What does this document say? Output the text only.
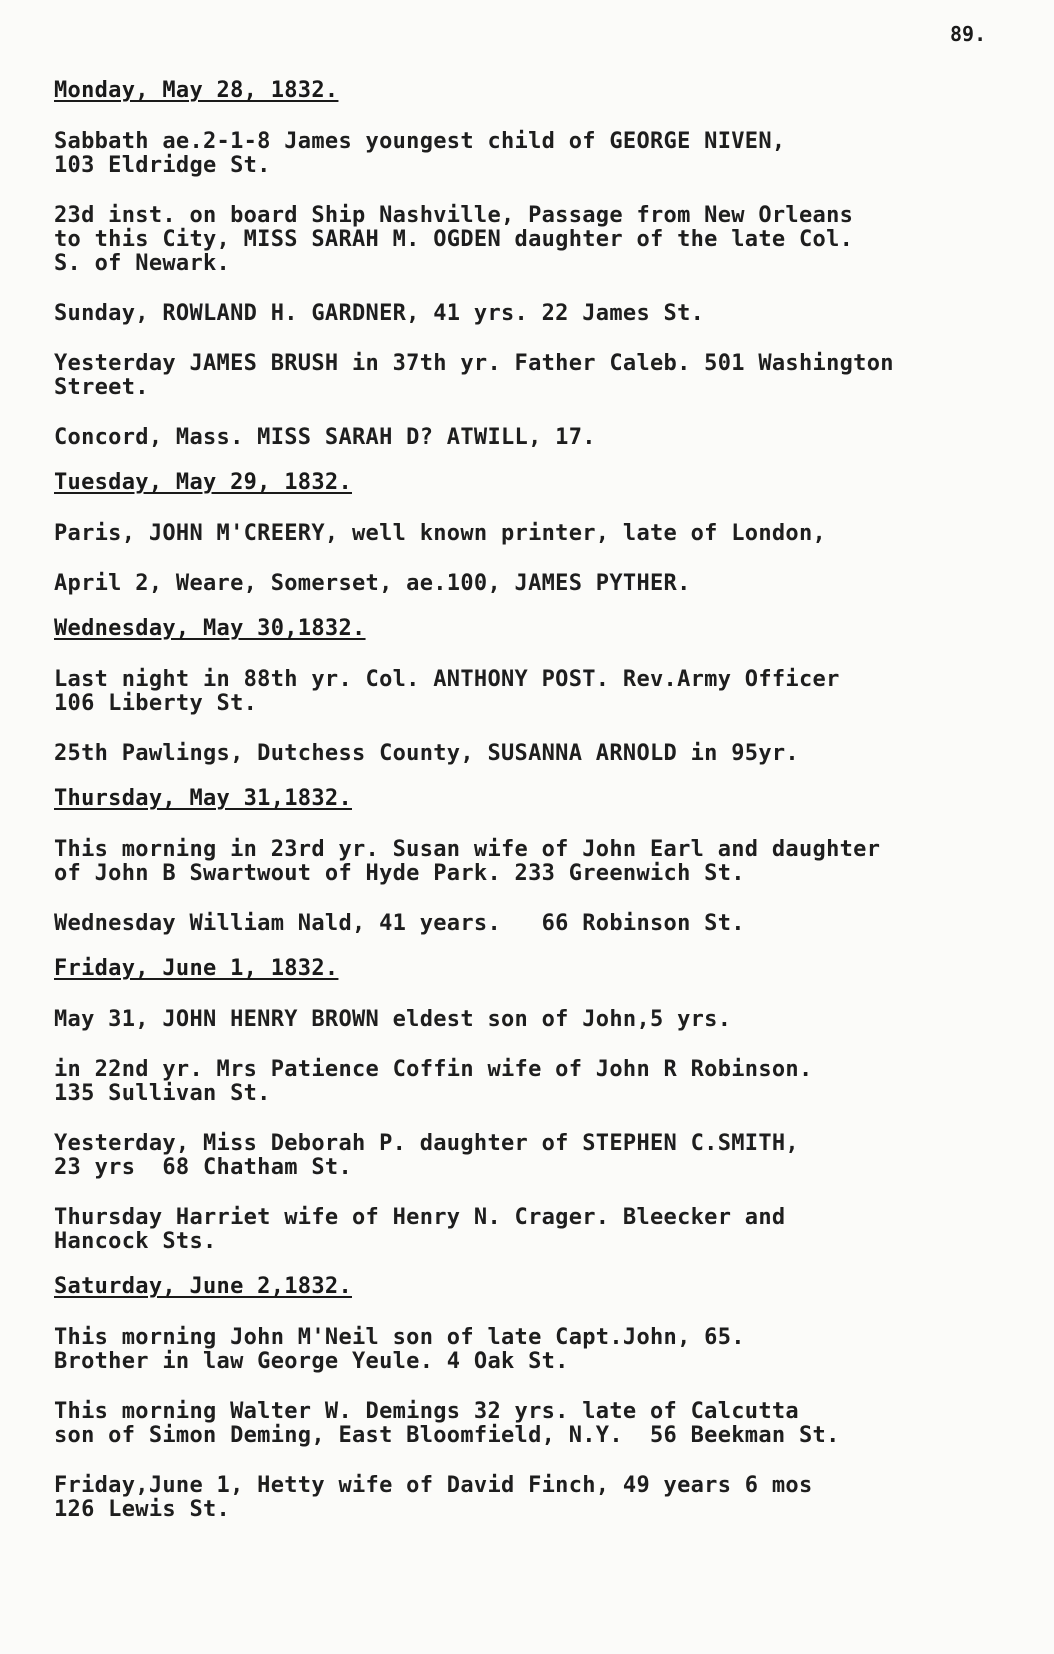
89.
Monday, May 28, 1832.
Sabbath ae.2-1-8 James youngest child of GEORGE NIVEN,
103 Eldridge St.
23d inst. on board Ship Nashville, Passage from New Orleans
to this City, MISS SARAH M. OGDEN daughter of the late Col.
S. of Newark.
Sunday, ROWLAND H. GARDNER, 41 yrs. 22 James St.
Yesterday JAMES BRUSH in 37th yr. Father Caleb. 501 Washington
Street.
Concord, Mass. MISS SARAH D? ATWILL, 17.
Tuesday, May 29, 1832.
Paris, JOHN M'CREERY, well known printer, late of London,
April 2, Weare, Somerset, ae.100, JAMES PYTHER.
Wednesday, May 30,1832.
Last night in 88th yr. Col. ANTHONY POST. Rev.Army Officer
106 Liberty St.
25th Pawlings, Dutchess County, SUSANNA ARNOLD in 95yr.
Thursday, May 31,1832.
This morning in 23rd yr. Susan wife of John Earl and daughter
of John B Swartwout of Hyde Park. 233 Greenwich St.
Wednesday William Nald, 41 years.   66 Robinson St.
Friday, June 1, 1832.
May 31, JOHN HENRY BROWN eldest son of John,5 yrs.
in 22nd yr. Mrs Patience Coffin wife of John R Robinson.
135 Sullivan St.
Yesterday, Miss Deborah P. daughter of STEPHEN C.SMITH,
23 yrs  68 Chatham St.
Thursday Harriet wife of Henry N. Crager. Bleecker and
Hancock Sts.
Saturday, June 2,1832.
This morning John M'Neil son of late Capt.John, 65.
Brother in law George Yeule. 4 Oak St.
This morning Walter W. Demings 32 yrs. late of Calcutta
son of Simon Deming, East Bloomfield, N.Y.  56 Beekman St.
Friday,June 1, Hetty wife of David Finch, 49 years 6 mos
126 Lewis St.
